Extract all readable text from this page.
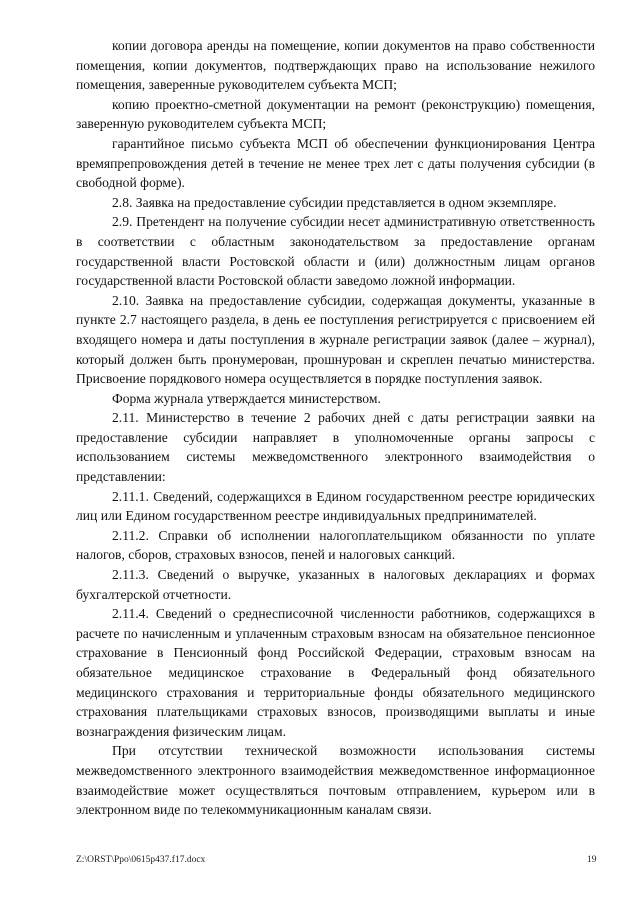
копии договора аренды на помещение, копии документов на право собственности помещения, копии документов, подтверждающих право на использование нежилого помещения, заверенные руководителем субъекта МСП;

копию проектно-сметной документации на ремонт (реконструкцию) помещения, заверенную руководителем субъекта МСП;

гарантийное письмо субъекта МСП об обеспечении функционирования Центра времяпрепровождения детей в течение не менее трех лет с даты получения субсидии (в свободной форме).

2.8. Заявка на предоставление субсидии представляется в одном экземпляре.

2.9. Претендент на получение субсидии несет административную ответственность в соответствии с областным законодательством за предоставление органам государственной власти Ростовской области и (или) должностным лицам органов государственной власти Ростовской области заведомо ложной информации.

2.10. Заявка на предоставление субсидии, содержащая документы, указанные в пункте 2.7 настоящего раздела, в день ее поступления регистрируется с присвоением ей входящего номера и даты поступления в журнале регистрации заявок (далее – журнал), который должен быть пронумерован, прошнурован и скреплен печатью министерства. Присвоение порядкового номера осуществляется в порядке поступления заявок.

Форма журнала утверждается министерством.

2.11. Министерство в течение 2 рабочих дней с даты регистрации заявки на предоставление субсидии направляет в уполномоченные органы запросы с использованием системы межведомственного электронного взаимодействия о представлении:

2.11.1. Сведений, содержащихся в Едином государственном реестре юридических лиц или Едином государственном реестре индивидуальных предпринимателей.

2.11.2. Справки об исполнении налогоплательщиком обязанности по уплате налогов, сборов, страховых взносов, пеней и налоговых санкций.

2.11.3. Сведений о выручке, указанных в налоговых декларациях и формах бухгалтерской отчетности.

2.11.4. Сведений о среднесписочной численности работников, содержащихся в расчете по начисленным и уплаченным страховым взносам на обязательное пенсионное страхование в Пенсионный фонд Российской Федерации, страховым взносам на обязательное медицинское страхование в Федеральный фонд обязательного медицинского страхования и территориальные фонды обязательного медицинского страхования плательщиками страховых взносов, производящими выплаты и иные вознаграждения физическим лицам.

При отсутствии технической возможности использования системы межведомственного электронного взаимодействия межведомственное информационное взаимодействие может осуществляться почтовым отправлением, курьером или в электронном виде по телекоммуникационным каналам связи.

Z:\ORST\Ppo\0615p437.f17.docx	19
